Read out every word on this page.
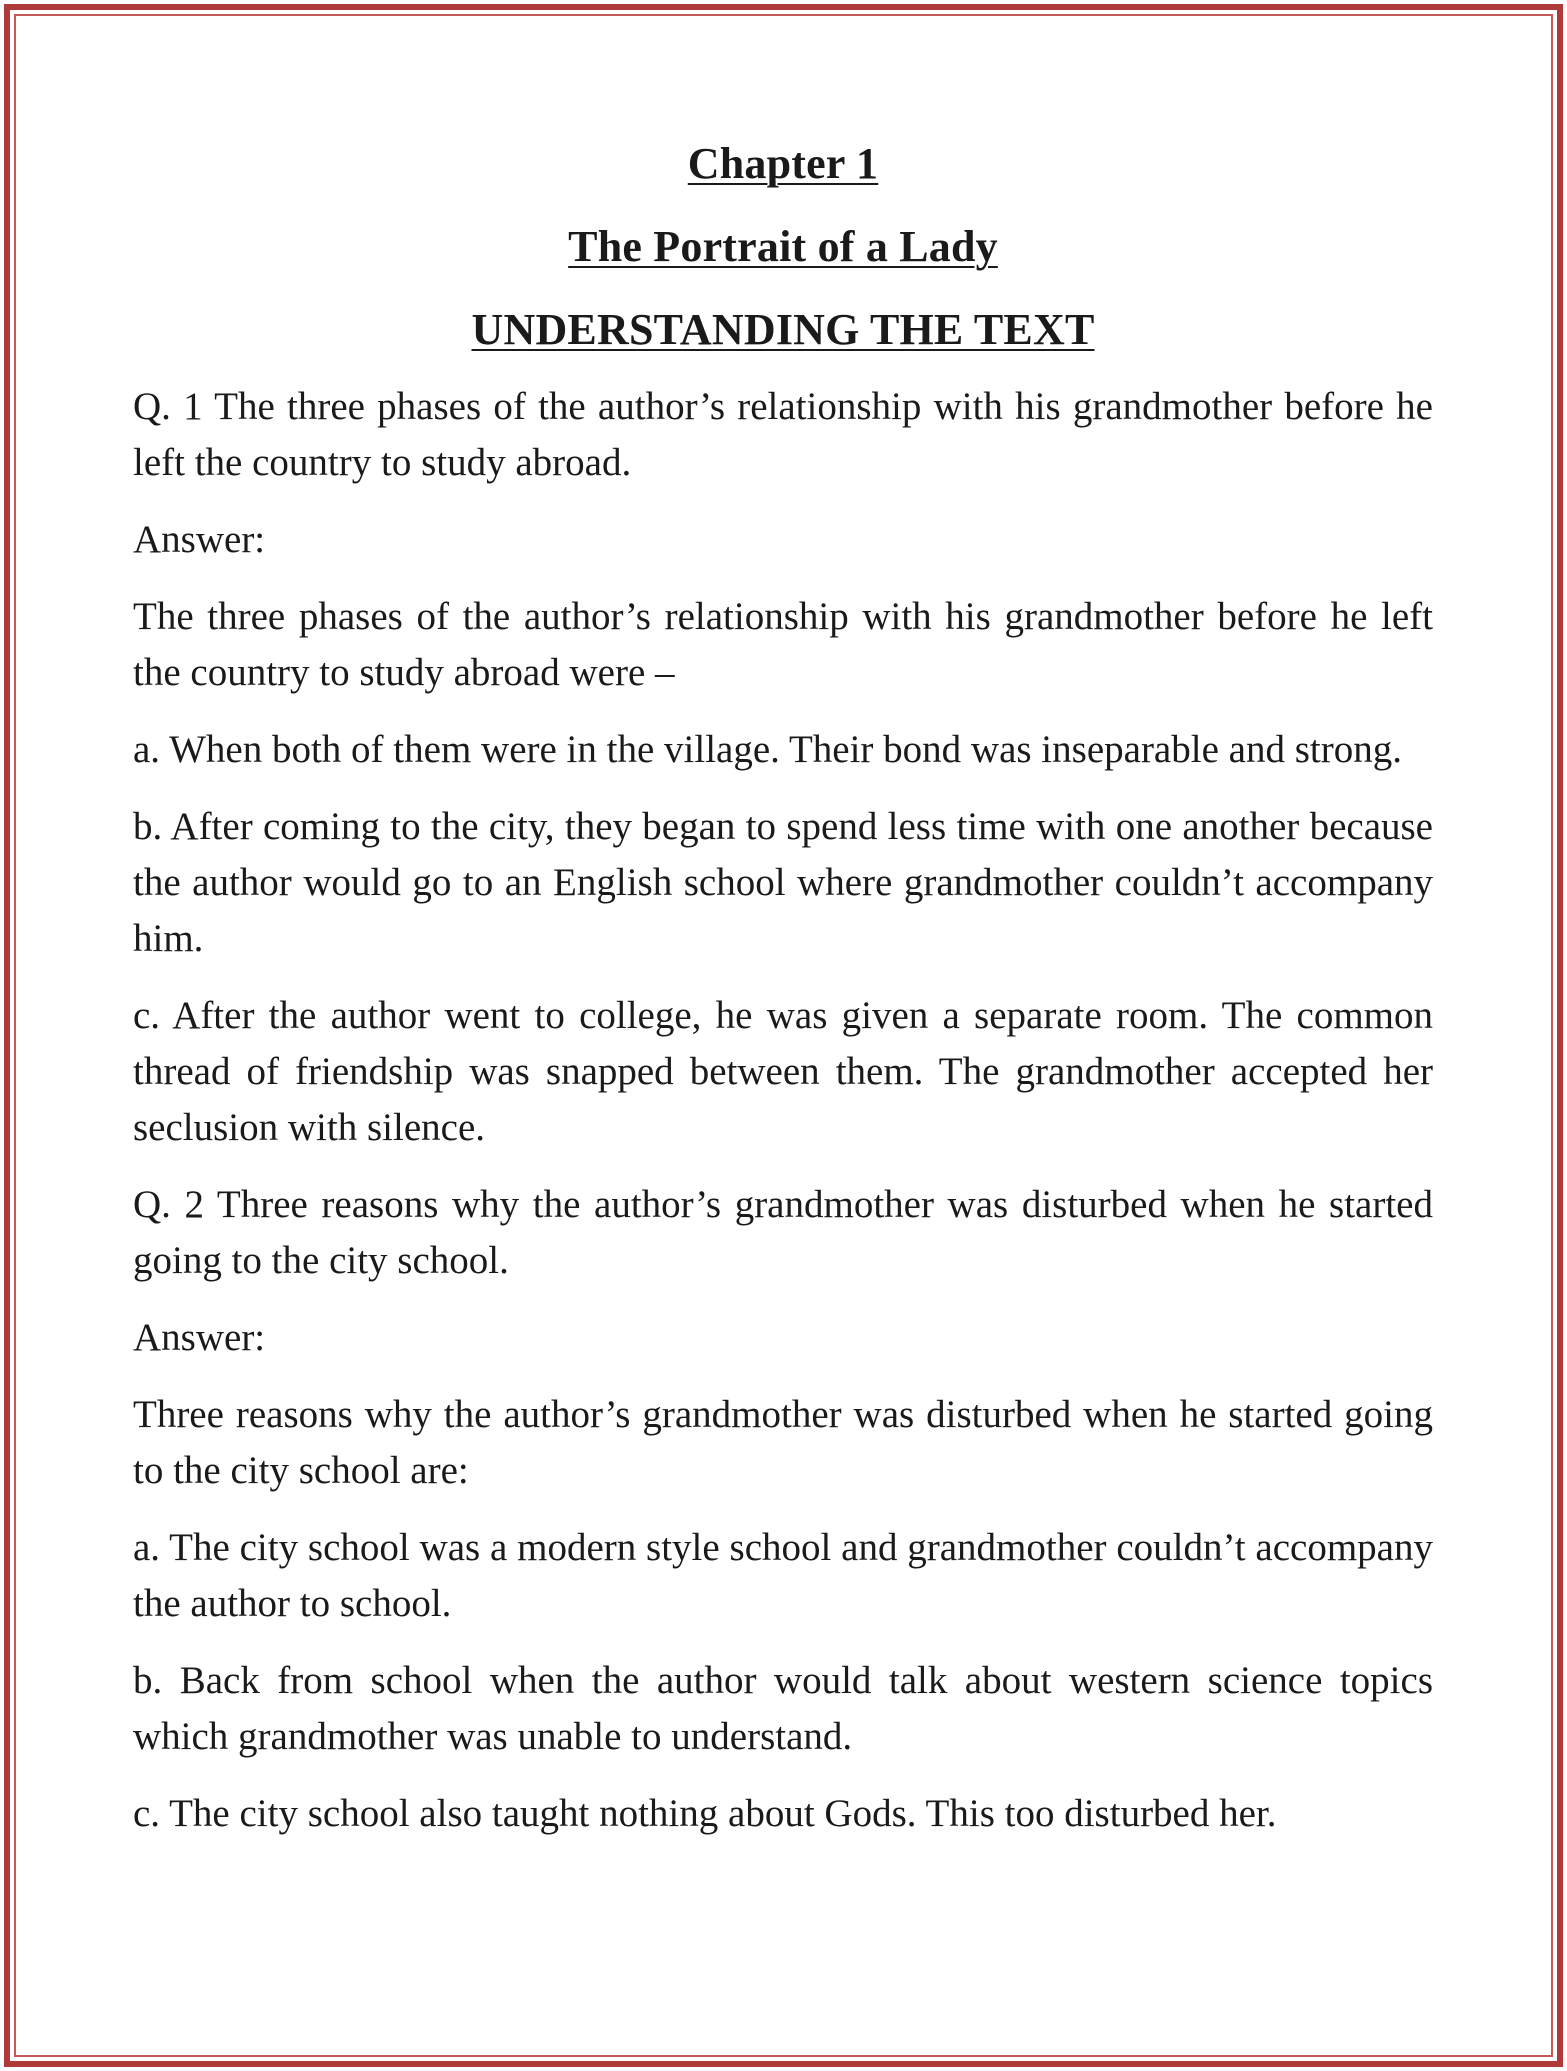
Chapter 1
The Portrait of a Lady
UNDERSTANDING THE TEXT

Q. 1 The three phases of the author’s relationship with his grandmother before he left the country to study abroad.

Answer:

The three phases of the author’s relationship with his grandmother before he left the country to study abroad were –

a. When both of them were in the village. Their bond was inseparable and strong.

b. After coming to the city, they began to spend less time with one another because the author would go to an English school where grandmother couldn’t accompany him.

c. After the author went to college, he was given a separate room. The common thread of friendship was snapped between them. The grandmother accepted her seclusion with silence.

Q. 2 Three reasons why the author’s grandmother was disturbed when he started going to the city school.

Answer:

Three reasons why the author’s grandmother was disturbed when he started going to the city school are:

a. The city school was a modern style school and grandmother couldn’t accompany the author to school.

b. Back from school when the author would talk about western science topics which grandmother was unable to understand.

c. The city school also taught nothing about Gods. This too disturbed her.
